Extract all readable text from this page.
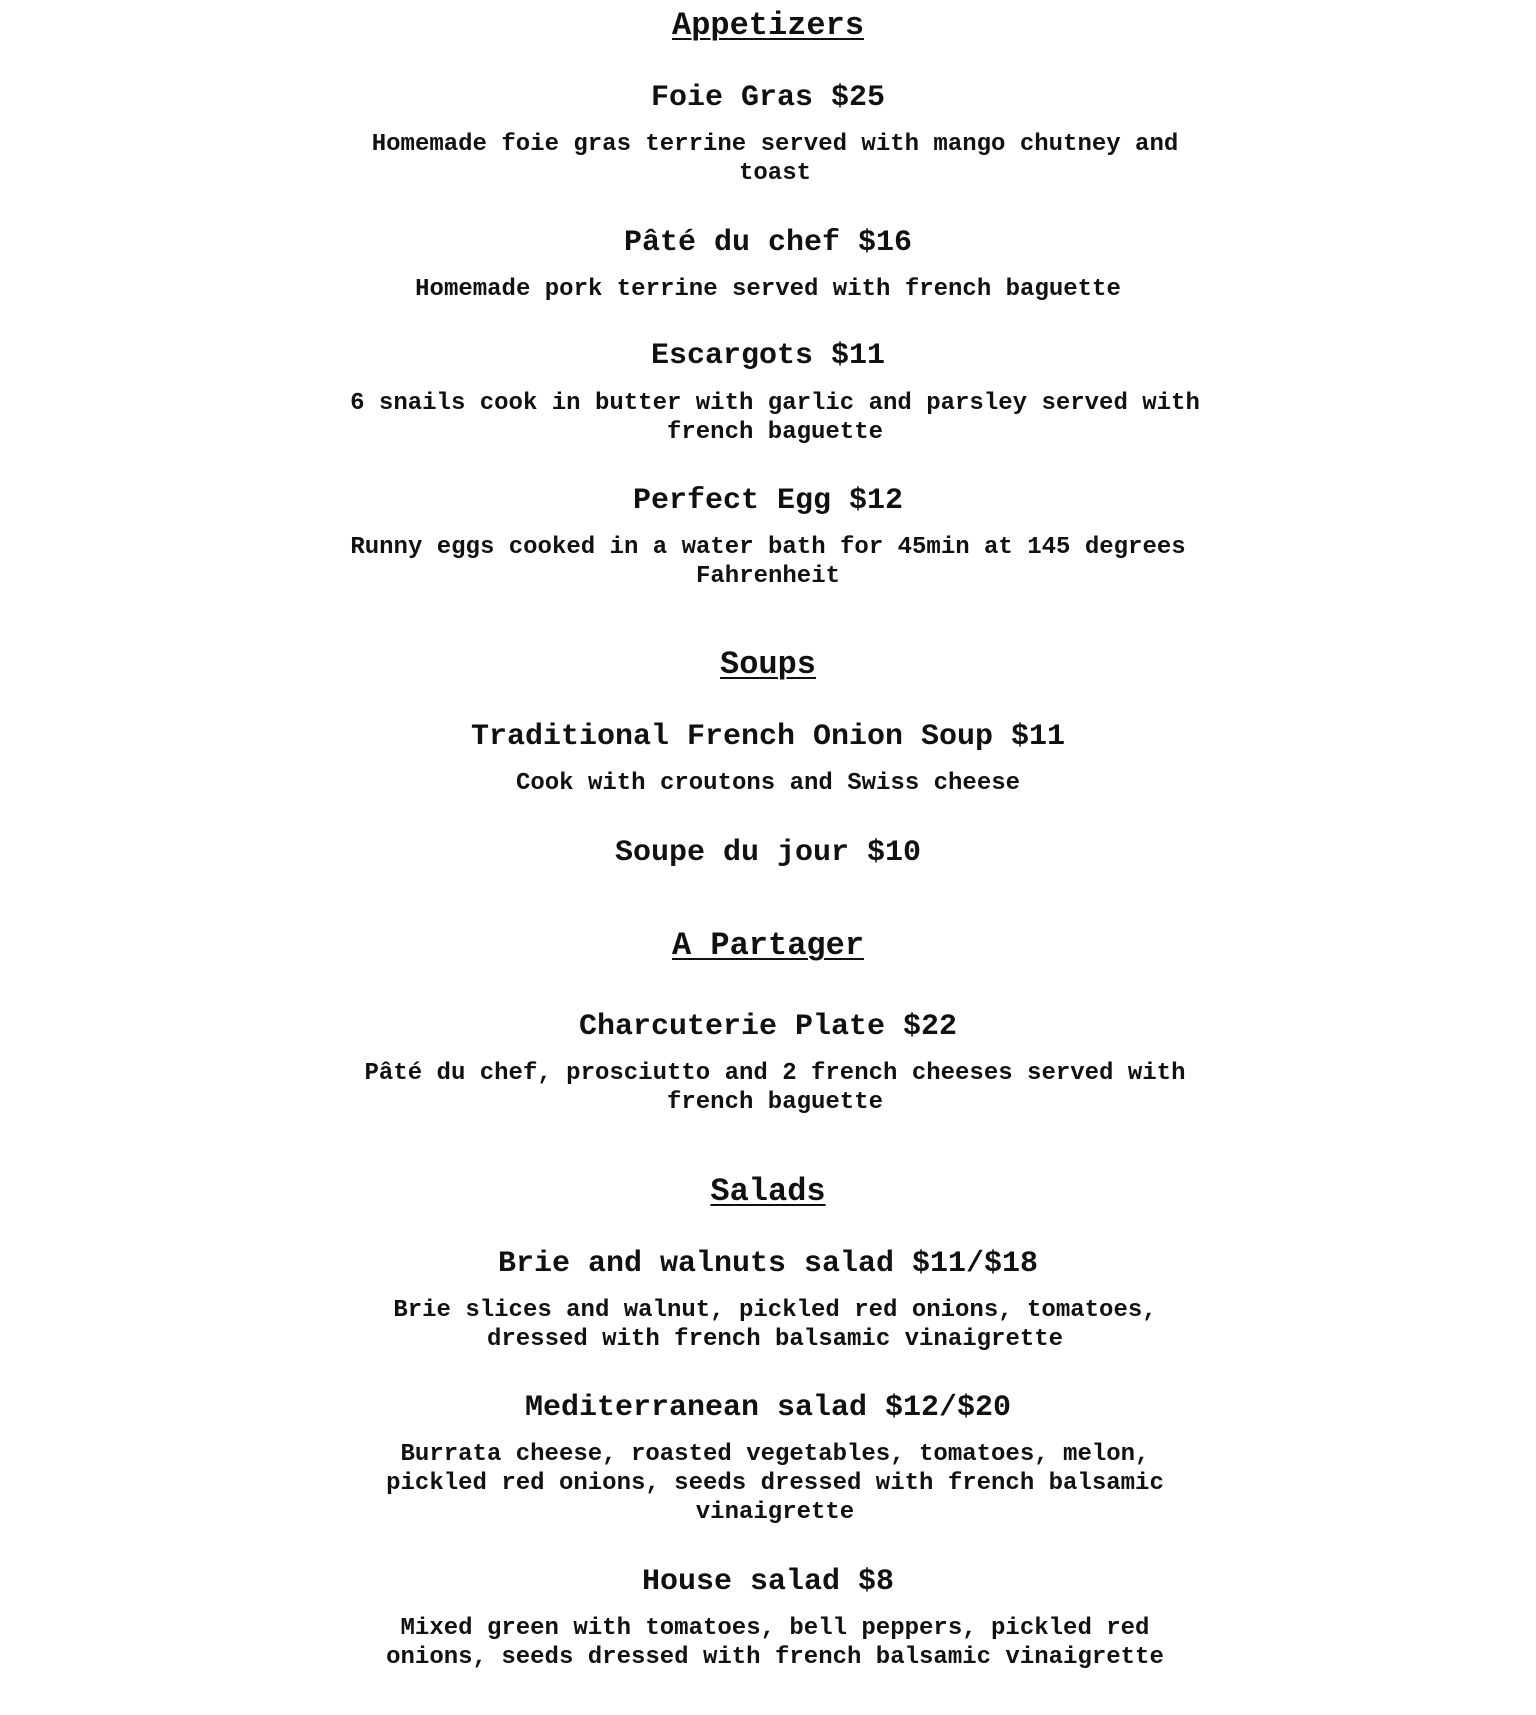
Appetizers
Foie Gras $25
Homemade foie gras terrine served with mango chutney and toast
Pâté du chef $16
Homemade pork terrine served with french baguette
Escargots $11
6 snails cook in butter with garlic and parsley served with french baguette
Perfect Egg $12
Runny eggs cooked in a water bath for 45min at 145 degrees Fahrenheit
Soups
Traditional French Onion Soup $11
Cook with croutons and Swiss cheese
Soupe du jour $10
A Partager
Charcuterie Plate $22
Pâté du chef, prosciutto and 2 french cheeses served with french baguette
Salads
Brie and walnuts salad $11/$18
Brie slices and walnut, pickled red onions, tomatoes, dressed with french balsamic vinaigrette
Mediterranean salad $12/$20
Burrata cheese, roasted vegetables, tomatoes, melon, pickled red onions, seeds dressed with french balsamic vinaigrette
House salad $8
Mixed green with tomatoes, bell peppers, pickled red onions, seeds dressed with french balsamic vinaigrette
